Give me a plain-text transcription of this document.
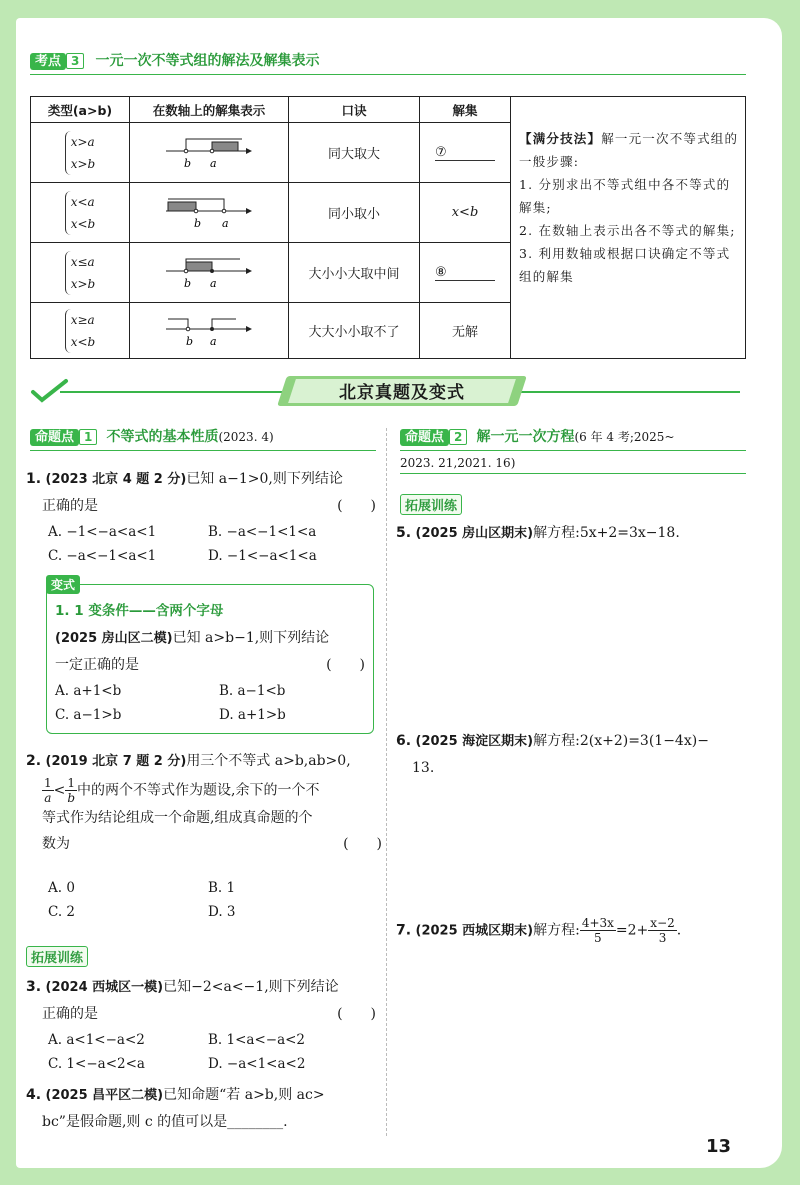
考点 3 一元一次不等式组的解法及解集表示
类型(a>b)	在数轴上的解集表示	口诀	解集	【满分技法】解一元一次不等式组的一般步骤:
1. 分别求出不等式组中各不等式的解集;
2. 在数轴上表示出各不等式的解集;
3. 利用数轴或根据口诀确定不等式组的解集
x>a
x>b	b a	同大取大	⑦	
x<a
x<b	b a	同小取小	x<b	
x≤a
x>b	b a	大小小大取中间	⑧	
x≥a
x<b	b a	大大小小取不了	无解	
北京真题及变式
命题点 1 不等式的基本性质(2023. 4)
1. (2023 北京 4 题 2 分)已知 a−1>0,则下列结论
正确的是	(　　)
A. −1<−a<a<1	B. −a<−1<1<a
C. −a<−1<a<1	D. −1<−a<1<a
变式
1. 1 变条件——含两个字母
(2025 房山区二模)已知 a>b−1,则下列结论
一定正确的是	(　　)
A. a+1<b	B. a−1<b
C. a−1>b	D. a+1>b
2. (2019 北京 7 题 2 分)用三个不等式 a>b,ab>0,
$\frac{1}{a} < \frac{1}{b}$ 中的两个不等式作为题设,余下的一个不
等式作为结论组成一个命题,组成真命题的个
数为	(　　)
A. 0	B. 1
C. 2	D. 3
拓展训练
3. (2024 西城区一模)已知−2<a<−1,则下列结论
正确的是	(　　)
A. a<1<−a<2	B. 1<a<−a<2
C. 1<−a<2<a	D. −a<1<a<2
4. (2025 昌平区二模)已知命题“若 a>b,则 ac>
bc”是假命题,则 c 的值可以是________.
命题点 2 解一元一次方程(6 年 4 考;2025~
2023. 21,2021. 16)
拓展训练
5. (2025 房山区期末)解方程:5x+2=3x−18.
6. (2025 海淀区期末)解方程:2(x+2)=3(1−4x)−
13.
7. (2025 西城区期末)解方程: $\frac{4+3x}{5} =2+ \frac{x-2}{3}$ .
13
